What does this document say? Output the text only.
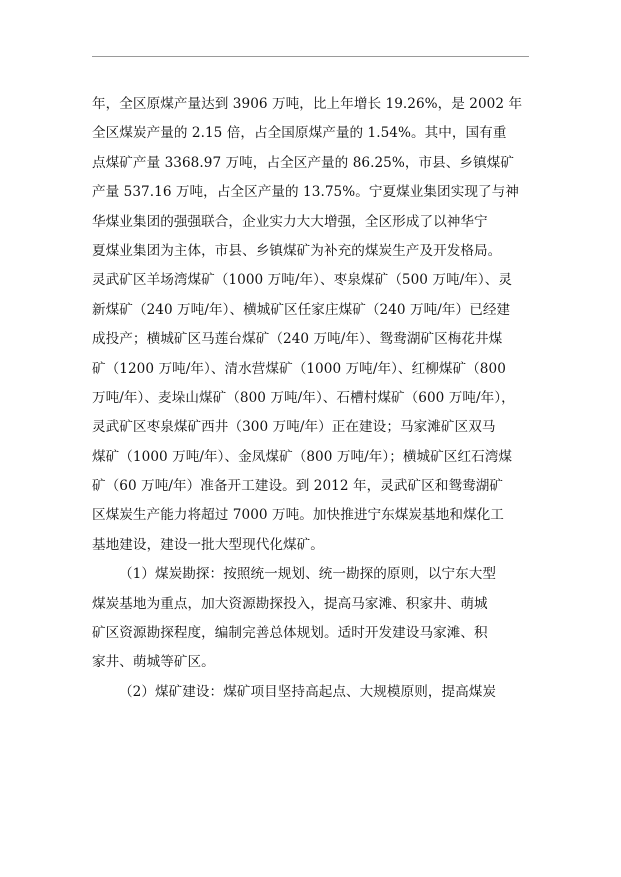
年，全区原煤产量达到 3906 万吨，比上年增长 19.26%，是 2002 年
全区煤炭产量的 2.15 倍，占全国原煤产量的 1.54%。其中，国有重
点煤矿产量 3368.97 万吨，占全区产量的 86.25%，市县、乡镇煤矿
产量 537.16 万吨，占全区产量的 13.75%。宁夏煤业集团实现了与神
华煤业集团的强强联合，企业实力大大增强，全区形成了以神华宁
夏煤业集团为主体，市县、乡镇煤矿为补充的煤炭生产及开发格局。
灵武矿区羊场湾煤矿（1000 万吨/年）、枣泉煤矿（500 万吨/年）、灵
新煤矿（240 万吨/年）、横城矿区任家庄煤矿（240 万吨/年）已经建
成投产；横城矿区马莲台煤矿（240 万吨/年）、鸳鸯湖矿区梅花井煤
矿（1200 万吨/年）、清水营煤矿（1000 万吨/年）、红柳煤矿（800
万吨/年）、麦垛山煤矿（800 万吨/年）、石槽村煤矿（600 万吨/年），
灵武矿区枣泉煤矿西井（300 万吨/年）正在建设；马家滩矿区双马
煤矿（1000 万吨/年）、金凤煤矿（800 万吨/年）；横城矿区红石湾煤
矿（60 万吨/年）准备开工建设。到 2012 年，灵武矿区和鸳鸯湖矿
区煤炭生产能力将超过 7000 万吨。加快推进宁东煤炭基地和煤化工
基地建设，建设一批大型现代化煤矿。
（1）煤炭勘探：按照统一规划、统一勘探的原则，以宁东大型
煤炭基地为重点，加大资源勘探投入，提高马家滩、积家井、萌城
矿区资源勘探程度，编制完善总体规划。适时开发建设马家滩、积
家井、萌城等矿区。
（2）煤矿建设：煤矿项目坚持高起点、大规模原则，提高煤炭
